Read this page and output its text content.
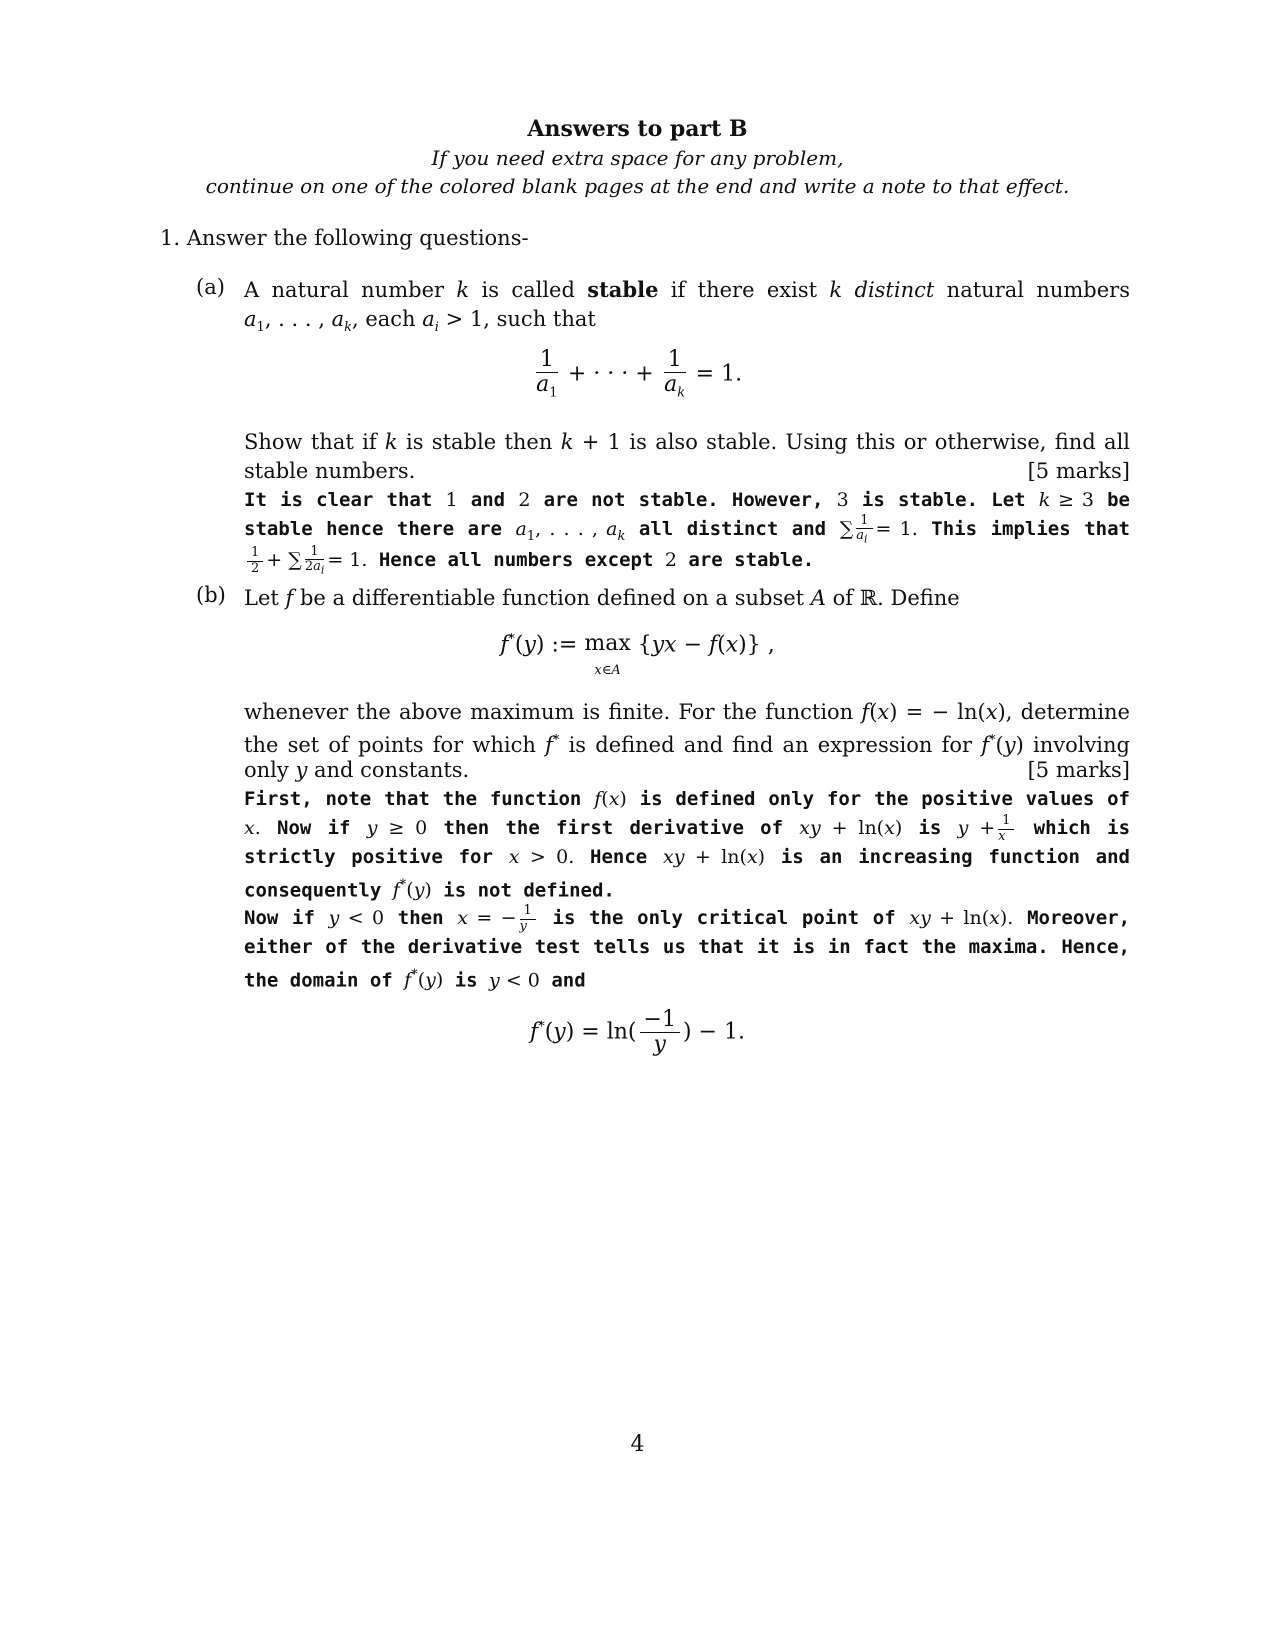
Answers to part B
If you need extra space for any problem,
continue on one of the colored blank pages at the end and write a note to that effect.
1. Answer the following questions-
(a) A natural number k is called stable if there exist k distinct natural numbers
$a_1$, . . . , $a_k$, each $a_i > 1$, such that
$\frac{1}{a_1}$ + · · · + $\frac{1}{a_k} = 1$.
Show that if k is stable then k + 1 is also stable. Using this or otherwise, find all
stable numbers.	[5 marks]
It is clear that 1 and 2 are not stable. However, 3 is stable. Let k ≥ 3 be
stable hence there are $a_1$, . . . , $a_k$ all distinct and ∑ $\frac{1}{a_i} = 1$. This implies that
$\frac{1}{2}$ + ∑ $\frac{1}{2a_i} = 1$. Hence all numbers except 2 are stable.
(b) Let f be a differentiable function defined on a subset A of ℝ. Define
f*(y) := max
x∈A {yx − f(x)} ,
whenever the above maximum is finite. For the function f(x) = − ln(x), determine
the set of points for which f* is defined and find an expression for f*(y) involving
only y and constants.	[5 marks]
First, note that the function f(x) is defined only for the positive values of
x. Now if y ≥ 0 then the first derivative of xy + ln(x) is $y + \frac{1}{x}$ which is
strictly positive for x > 0. Hence xy + ln(x) is an increasing function and
consequently f*(y) is not defined.
Now if y < 0 then x = − $\frac{1}{y}$ is the only critical point of xy + ln(x). Moreover,
either of the derivative test tells us that it is in fact the maxima. Hence,
the domain of f*(y) is y < 0 and
$f^*(y) = \ln( \frac{-1}{y}$ ) − 1.
4
